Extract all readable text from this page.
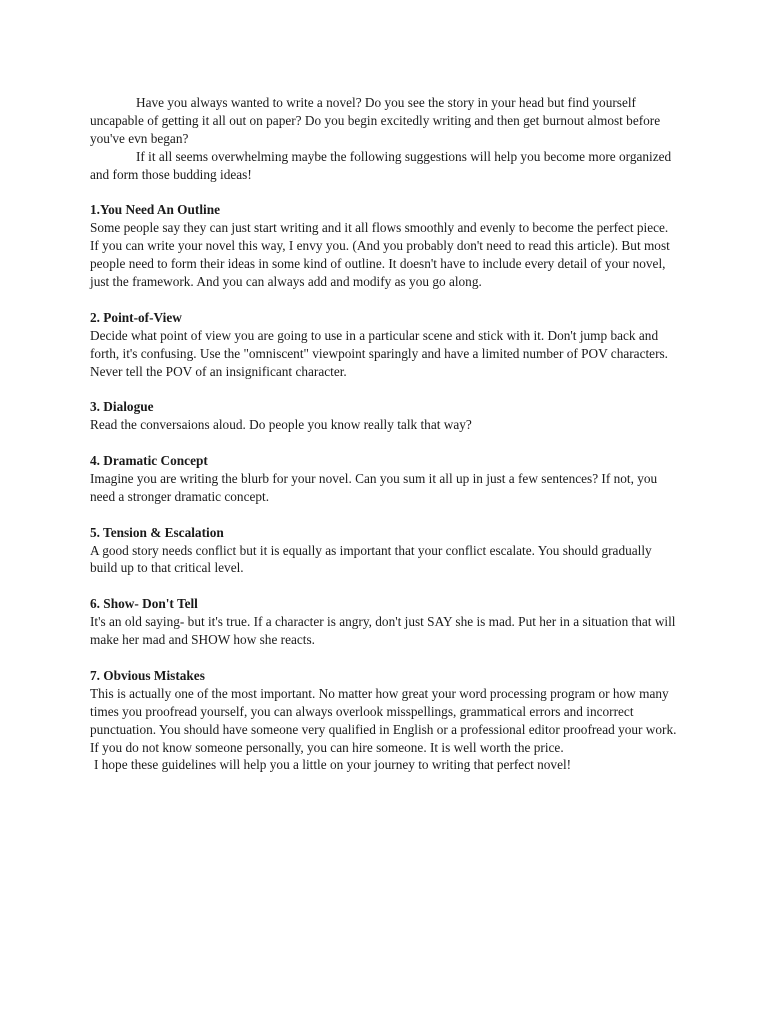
Have you always wanted to write a novel? Do you see the story in your head but find yourself uncapable of getting it all out on paper? Do you begin excitedly writing and then get burnout almost before you've evn began?

If it all seems overwhelming maybe the following suggestions will help you become more organized and form those budding ideas!

1.You Need An Outline

Some people say they can just start writing and it all flows smoothly and evenly to become the perfect piece. If you can write your novel this way, I envy you. (And you probably don't need to read this article). But most people need to form their ideas in some kind of outline. It doesn't have to include every detail of your novel, just the framework. And you can always add and modify as you go along.

2. Point-of-View

Decide what point of view you are going to use in a particular scene and stick with it. Don't jump back and forth, it's confusing. Use the "omniscent" viewpoint sparingly and have a limited number of POV characters. Never tell the POV of an insignificant character.

3. Dialogue

Read the conversaions aloud. Do people you know really talk that way?

4. Dramatic Concept

Imagine you are writing the blurb for your novel. Can you sum it all up in just a few sentences? If not, you need a stronger dramatic concept.

5. Tension & Escalation

A good story needs conflict but it is equally as important that your conflict escalate. You should gradually build up to that critical level.

6. Show- Don't Tell

It's an old saying- but it's true. If a character is angry, don't just SAY she is mad. Put her in a situation that will make her mad and SHOW how she reacts.

7. Obvious Mistakes

This is actually one of the most important. No matter how great your word processing program or how many times you proofread yourself, you can always overlook misspellings, grammatical errors and incorrect punctuation. You should have someone very qualified in English or a professional editor proofread your work. If you do not know someone personally, you can hire someone. It is well worth the price.

I hope these guidelines will help you a little on your journey to writing that perfect novel!
